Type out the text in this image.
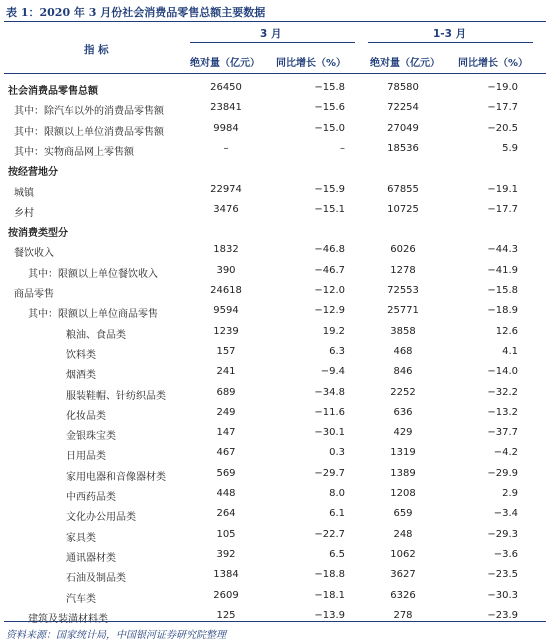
表 1：2020 年 3 月份社会消费品零售总额主要数据
指 标
3 月	1-3 月
绝对量（亿元） 同比增长（%） 绝对量（亿元） 同比增长（%）
社会消费品零售总额	26450	−15.8	78580	−19.0
其中：除汽车以外的消费品零售额	23841	−15.6	72254	−17.7
其中：限额以上单位消费品零售额	9984	−15.0	27049	−20.5
其中：实物商品网上零售额	–	–	18536	5.9
按经营地分
城镇	22974	−15.9	67855	−19.1
乡村	3476	−15.1	10725	−17.7
按消费类型分
餐饮收入	1832	−46.8	6026	−44.3
其中：限额以上单位餐饮收入	390	−46.7	1278	−41.9
商品零售	24618	−12.0	72553	−15.8
其中：限额以上单位商品零售	9594	−12.9	25771	−18.9
粮油、食品类	1239	19.2	3858	12.6
饮料类	157	6.3	468	4.1
烟酒类	241	−9.4	846	−14.0
服装鞋帽、针纺织品类	689	−34.8	2252	−32.2
化妆品类	249	−11.6	636	−13.2
金银珠宝类	147	−30.1	429	−37.7
日用品类	467	0.3	1319	−4.2
家用电器和音像器材类	569	−29.7	1389	−29.9
中西药品类	448	8.0	1208	2.9
文化办公用品类	264	6.1	659	−3.4
家具类	105	−22.7	248	−29.3
通讯器材类	392	6.5	1062	−3.6
石油及制品类	1384	−18.8	3627	−23.5
汽车类	2609	−18.1	6326	−30.3
建筑及装潢材料类	125	−13.9	278	−23.9
资料来源：国家统计局，中国银河证券研究院整理
